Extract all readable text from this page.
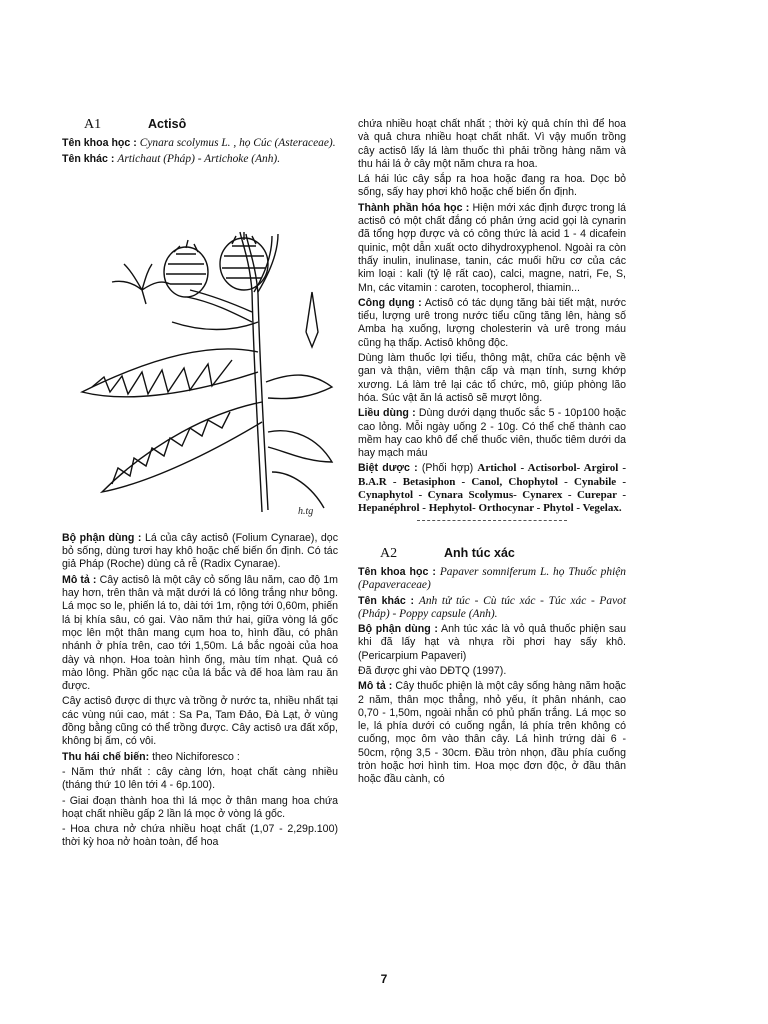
A1	Actisô

Tên khoa học : Cynara scolymus L. , họ Cúc (Asteraceae).

Tên khác : Artichaut (Pháp) - Artichoke (Anh).

h.tg

Bộ phận dùng : Lá của cây actisô (Folium Cynarae), dọc bỏ sống, dùng tươi hay khô hoặc chế biến ổn định. Có tác giả Pháp (Roche) dùng cả rễ (Radix Cynarae).

Mô tả : Cây actisô là một cây cỏ sống lâu năm, cao độ 1m hay hơn, trên thân và mặt dưới lá có lông trắng như bông. Lá mọc so le, phiến lá to, dài tới 1m, rộng tới 0,60m, phiến lá bị khía sâu, có gai. Vào năm thứ hai, giữa vòng lá gốc mọc lên một thân mang cụm hoa to, hình đầu, có phân nhánh ở phía trên, cao tới 1,50m. Lá bắc ngoài của hoa dày và nhọn. Hoa toàn hình ống, màu tím nhạt. Quả có mào lông. Phần gốc nạc của lá bắc và đế hoa làm rau ăn được.

Cây actisô được di thực và trồng ở nước ta, nhiều nhất tại các vùng núi cao, mát : Sa Pa, Tam Đảo, Đà Lạt, ở vùng đồng bằng cũng có thể trồng được. Cây actisô ưa đất xốp, không bị ấm, có vôi.

Thu hái chế biến: theo Nichiforesco :

- Năm thứ nhất : cây càng lớn, hoạt chất càng nhiều (tháng thứ 10 lên tới 4 - 6p.100).

- Giai đoạn thành hoa thì lá mọc ở thân mang hoa chứa hoạt chất nhiều gấp 2 lần lá mọc ở vòng lá gốc.

- Hoa chưa nở chứa nhiều hoạt chất (1,07 - 2,29p.100) thời kỳ hoa nở hoàn toàn, để hoa

chứa nhiều hoạt chất nhất ; thời kỳ quả chín thì để hoa và quả chưa nhiều hoạt chất nhất. Vì vậy muốn trồng cây actisô lấy lá làm thuốc thì phải trồng hàng năm và thu hái lá ở cây một năm chưa ra hoa.

Lá hái lúc cây sắp ra hoa hoặc đang ra hoa. Dọc bỏ sống, sấy hay phơi khô hoặc chế biến ổn định.

Thành phần hóa học : Hiện mới xác định được trong lá actisô có một chất đắng có phản ứng acid gọi là cynarin đã tổng hợp được và có công thức là acid 1 - 4 dicafein quinic, một dẫn xuất octo dihydroxyphenol. Ngoài ra còn thấy inulin, inulinase, tanin, các muối hữu cơ của các kim loại : kali (tỷ lệ rất cao), calci, magne, natri, Fe, S, Mn, các vitamin : caroten, tocopherol, thiamin...

Công dụng : Actisô có tác dụng tăng bài tiết mật, nước tiểu, lượng urê trong nước tiểu cũng tăng lên, hàng số Amba hạ xuống, lượng cholesterin và urê trong máu cũng hạ thấp. Actisô không độc.

Dùng làm thuốc lợi tiểu, thông mật, chữa các bệnh về gan và thận, viêm thận cấp và mạn tính, sưng khớp xương. Lá làm trẻ lại các tổ chức, mô, giúp phòng lão hóa. Súc vật ăn lá actisô sẽ mượt lông.

Liều dùng : Dùng dưới dạng thuốc sắc 5 - 10p100 hoặc cao lỏng. Mỗi ngày uống 2 - 10g. Có thể chế thành cao mềm hay cao khô để chế thuốc viên, thuốc tiêm dưới da hay mạch máu

Biệt dược : (Phối hợp) Artichol - Actisorbol- Argirol - B.A.R - Betasiphon - Canol, Chophytol - Cynabile - Cynaphytol - Cynara Scolymus- Cynarex - Curepar - Hepanéphrol - Hephytol- Orthocynar - Phytol - Vegelax.

A2	Anh túc xác

Tên khoa học : Papaver somniferum L. họ Thuốc phiện (Papaveraceae)

Tên khác : Anh tử túc - Cù túc xác - Túc xác - Pavot (Pháp) - Poppy capsule (Anh).

Bộ phận dùng : Anh túc xác là vỏ quả thuốc phiện sau khi đã lấy hạt và nhựa rồi phơi hay sấy khô. (Pericarpium Papaveri)

Đã được ghi vào DĐTQ (1997).

Mô tả : Cây thuốc phiện là một cây sống hàng năm hoặc 2 năm, thân mọc thẳng, nhỏ yếu, ít phân nhánh, cao 0,70 - 1,50m, ngoài nhẵn có phủ phấn trắng. Lá mọc so le, lá phía dưới có cuống ngắn, lá phía trên không có cuống, mọc ôm vào thân cây. Lá hình trứng dài 6 - 50cm, rộng 3,5 - 30cm. Đầu tròn nhọn, đầu phía cuống tròn hoặc hơi hình tim. Hoa mọc đơn độc, ở đầu thân hoặc đầu cành, có

7
